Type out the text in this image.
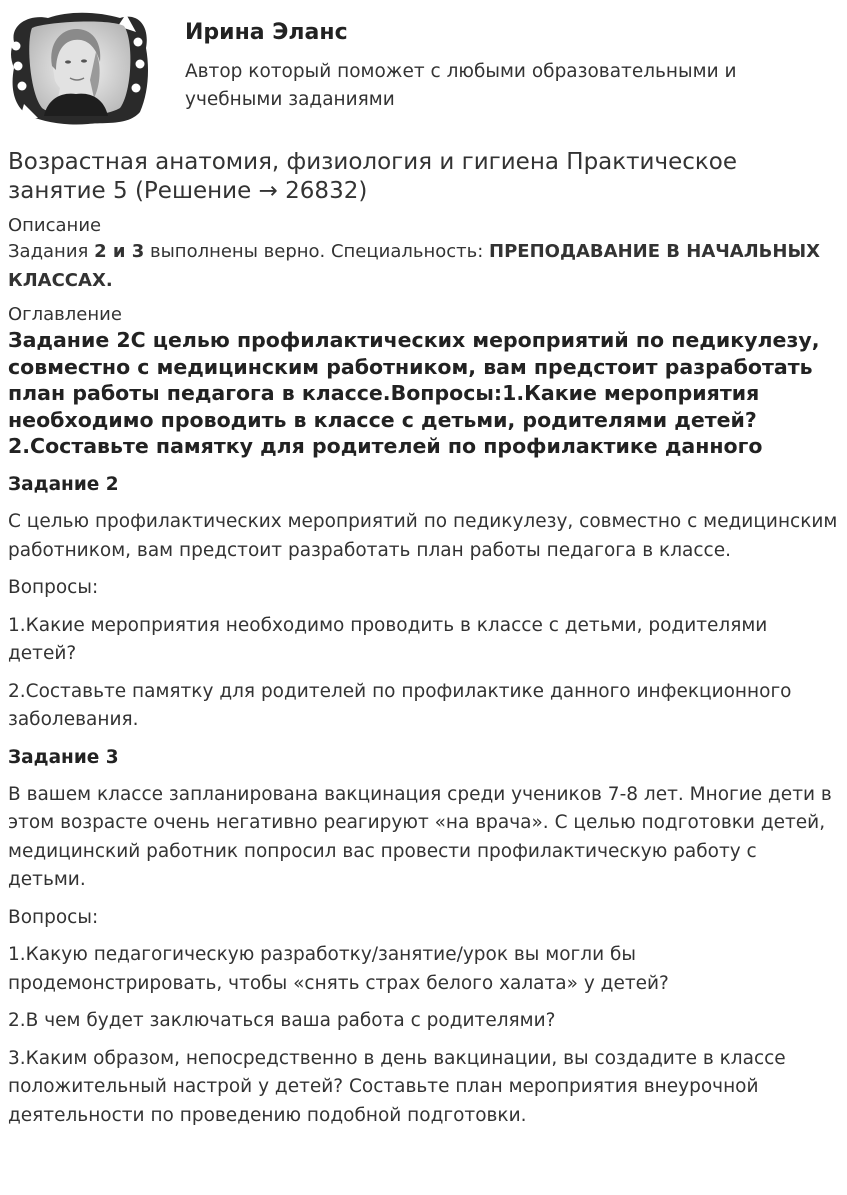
Ирина Эланс
Автор который поможет с любыми образовательными и учебными заданиями
Возрастная анатомия, физиология и гигиена Практическое занятие 5 (Решение → 26832)
Описание
Задания 2 и 3 выполнены верно. Специальность: ПРЕПОДАВАНИЕ В НАЧАЛЬНЫХ КЛАССАХ.
Оглавление
Задание 2С целью профилактических мероприятий по педикулезу, совместно с медицинским работником, вам предстоит разработать план работы педагога в классе.Вопросы:1.Какие мероприятия необходимо проводить в классе с детьми, родителями детей?2.Составьте памятку для родителей по профилактике данного
Задание 2
С целью профилактических мероприятий по педикулезу, совместно с медицинским работником, вам предстоит разработать план работы педагога в классе.
Вопросы:
1.Какие мероприятия необходимо проводить в классе с детьми, родителями детей?
2.Составьте памятку для родителей по профилактике данного инфекционного заболевания.
Задание 3
В вашем классе запланирована вакцинация среди учеников 7-8 лет. Многие дети в этом возрасте очень негативно реагируют «на врача». С целью подготовки детей, медицинский работник попросил вас провести профилактическую работу с детьми.
Вопросы:
1.Какую педагогическую разработку/занятие/урок вы могли бы продемонстрировать, чтобы «снять страх белого халата» у детей?
2.В чем будет заключаться ваша работа с родителями?
3.Каким образом, непосредственно в день вакцинации, вы создадите в классе положительный настрой у детей? Составьте план мероприятия внеурочной деятельности по проведению подобной подготовки.
